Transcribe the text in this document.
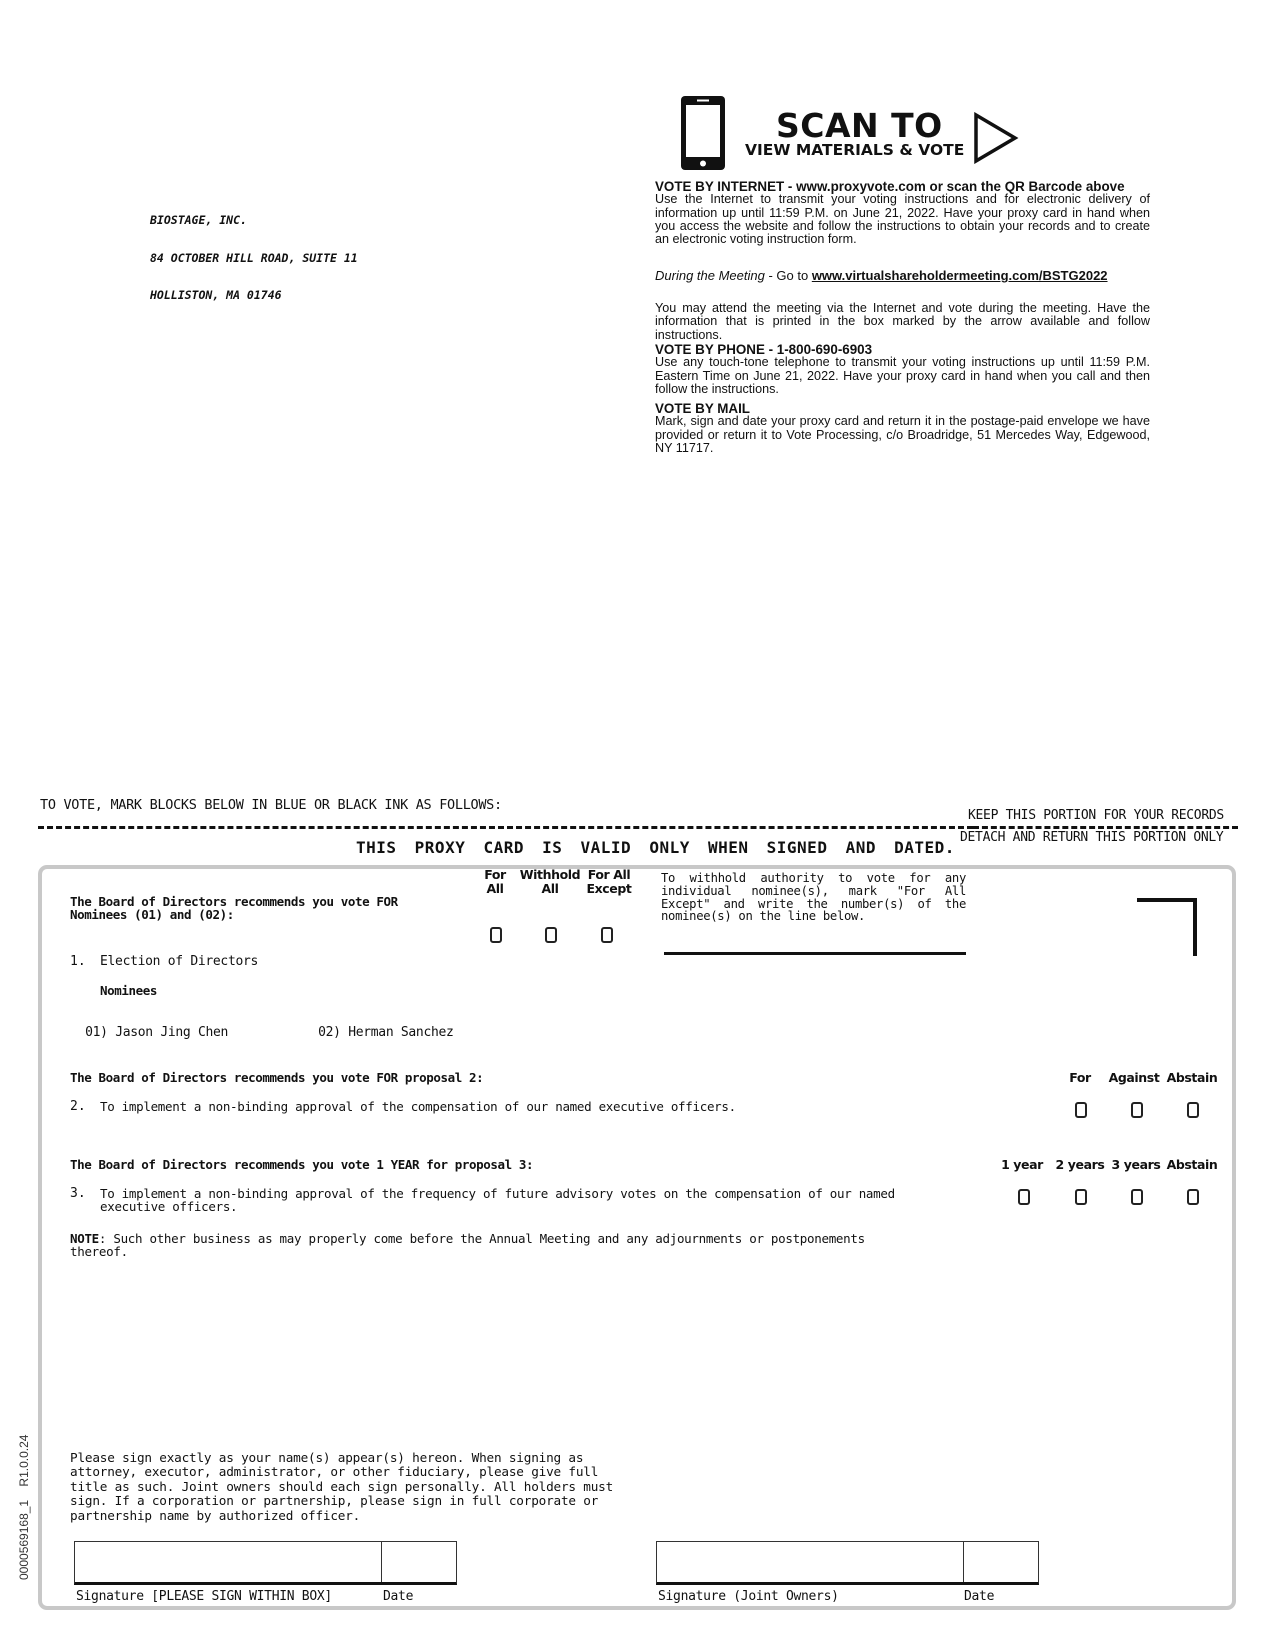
BIOSTAGE, INC.

84 OCTOBER HILL ROAD, SUITE 11

HOLLISTON, MA 01746

SCAN TO
VIEW MATERIALS & VOTE

VOTE BY INTERNET - www.proxyvote.com or scan the QR Barcode above

Use the Internet to transmit your voting instructions and for electronic delivery of information up until 11:59 P.M. on June 21, 2022. Have your proxy card in hand when you access the website and follow the instructions to obtain your records and to create an electronic voting instruction form.

During the Meeting - Go to www.virtualshareholdermeeting.com/BSTG2022

You may attend the meeting via the Internet and vote during the meeting. Have the information that is printed in the box marked by the arrow available and follow instructions.

VOTE BY PHONE - 1-800-690-6903

Use any touch-tone telephone to transmit your voting instructions up until 11:59 P.M. Eastern Time on June 21, 2022. Have your proxy card in hand when you call and then follow the instructions.

VOTE BY MAIL

Mark, sign and date your proxy card and return it in the postage-paid envelope we have provided or return it to Vote Processing, c/o Broadridge, 51 Mercedes Way, Edgewood, NY 11717.

TO VOTE, MARK BLOCKS BELOW IN BLUE OR BLACK INK AS FOLLOWS:
KEEP THIS PORTION FOR YOUR RECORDS
THIS PROXY CARD IS VALID ONLY WHEN SIGNED AND DATED.
DETACH AND RETURN THIS PORTION ONLY
The Board of Directors recommends you vote FOR
Nominees (01) and (02):
For
All
Withhold
All
For All
Except
To withhold authority to vote for any individual nominee(s), mark "For All Except" and write the number(s) of the nominee(s) on the line below.
1. Election of Directors
Nominees

01) Jason Jing Chen	02) Herman Sanchez

The Board of Directors recommends you vote FOR proposal 2:
2. To implement a non-binding approval of the compensation of our named executive officers.
For	Against Abstain
The Board of Directors recommends you vote 1 YEAR for proposal 3:
3. To implement a non-binding approval of the frequency of future advisory votes on the compensation of our named
executive officers.
1 year 2 years 3 years Abstain
NOTE: Such other business as may properly come before the Annual Meeting and any adjournments or postponements
thereof.
Please sign exactly as your name(s) appear(s) hereon. When signing as
attorney, executor, administrator, or other fiduciary, please give full
title as such. Joint owners should each sign personally. All holders must
sign. If a corporation or partnership, please sign in full corporate or
partnership name by authorized officer.
Signature [PLEASE SIGN WITHIN BOX]	Date	Signature (Joint Owners)	Date
0000569168_1    R1.0.0.24
